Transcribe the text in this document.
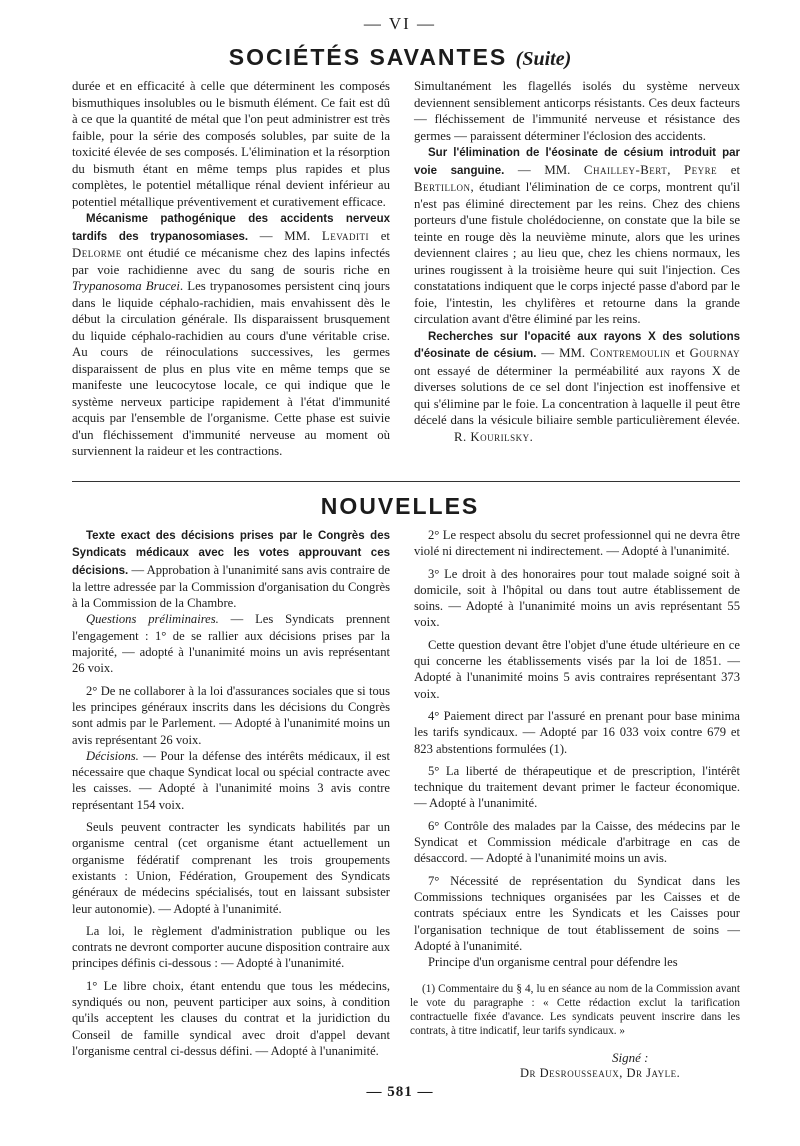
— VI —
SOCIÉTÉS SAVANTES (Suite)

durée et en efficacité à celle que déterminent les composés bismuthiques insolubles ou le bismuth élément. Ce fait est dû à ce que la quantité de métal que l'on peut administrer est très faible, pour la série des composés solubles, par suite de la toxicité élevée de ses composés. L'élimination et la résorption du bismuth étant en même temps plus rapides et plus complètes, le potentiel métallique rénal devient inférieur au potentiel métallique préventivement et curativement efficace.

Mécanisme pathogénique des accidents nerveux tardifs des trypanosomiases. — MM. Levaditi et Delorme ont étudié ce mécanisme chez des lapins infectés par voie rachidienne avec du sang de souris riche en Trypanosoma Brucei. Les trypanosomes persistent cinq jours dans le liquide céphalo-rachidien, mais envahissent dès le début la circulation générale. Ils disparaissent brusquement du liquide céphalo-rachidien au cours d'une véritable crise. Au cours de réinoculations successives, les germes disparaissent de plus en plus vite en même temps que se manifeste une leucocytose locale, ce qui indique que le système nerveux participe rapidement à l'état d'immunité acquis par l'ensemble de l'organisme. Cette phase est suivie d'un fléchissement d'immunité nerveuse au moment où surviennent la raideur et les contractions.

Simultanément les flagellés isolés du système nerveux deviennent sensiblement anticorps résistants. Ces deux facteurs — fléchissement de l'immunité nerveuse et résistance des germes — paraissent déterminer l'éclosion des accidents.

Sur l'élimination de l'éosinate de césium introduit par voie sanguine. — MM. Chailley-Bert, Peyre et Bertillon, étudiant l'élimination de ce corps, montrent qu'il n'est pas éliminé directement par les reins. Chez des chiens porteurs d'une fistule cholédocienne, on constate que la bile se teinte en rouge dès la neuvième minute, alors que les urines deviennent claires ; au lieu que, chez les chiens normaux, les urines rougissent à la troisième heure qui suit l'injection. Ces constatations indiquent que le corps injecté passe d'abord par le foie, l'intestin, les chylifères et retourne dans la grande circulation avant d'être éliminé par les reins.

Recherches sur l'opacité aux rayons X des solutions d'éosinate de césium. — MM. Contremoulin et Gournay ont essayé de déterminer la perméabilité aux rayons X de diverses solutions de ce sel dont l'injection est inoffensive et qui s'élimine par le foie. La concentration à laquelle il peut être décelé dans la vésicule biliaire semble particulièrement élevée. R. Kourilsky.

NOUVELLES

Texte exact des décisions prises par le Congrès des Syndicats médicaux avec les votes approuvant ces décisions. — Approbation à l'unanimité sans avis contraire de la lettre adressée par la Commission d'organisation du Congrès à la Commission de la Chambre.

Questions préliminaires. — Les Syndicats prennent l'engagement : 1° de se rallier aux décisions prises par la majorité, — adopté à l'unanimité moins un avis représentant 26 voix.

2° De ne collaborer à la loi d'assurances sociales que si tous les principes généraux inscrits dans les décisions du Congrès sont admis par le Parlement. — Adopté à l'unanimité moins un avis représentant 26 voix.

Décisions. — Pour la défense des intérêts médicaux, il est nécessaire que chaque Syndicat local ou spécial contracte avec les caisses. — Adopté à l'unanimité moins 3 avis contre représentant 154 voix.

Seuls peuvent contracter les syndicats habilités par un organisme central (cet organisme étant actuellement un organisme fédératif comprenant les trois groupements existants : Union, Fédération, Groupement des Syndicats généraux de médecins spécialisés, tout en laissant subsister leur autonomie). — Adopté à l'unanimité.

La loi, le règlement d'administration publique ou les contrats ne devront comporter aucune disposition contraire aux principes définis ci-dessous : — Adopté à l'unanimité.

1° Le libre choix, étant entendu que tous les médecins, syndiqués ou non, peuvent participer aux soins, à condition qu'ils acceptent les clauses du contrat et la juridiction du Conseil de famille syndical avec droit d'appel devant l'organisme central ci-dessus défini. — Adopté à l'unanimité.

2° Le respect absolu du secret professionnel qui ne devra être violé ni directement ni indirectement. — Adopté à l'unanimité.

3° Le droit à des honoraires pour tout malade soigné soit à domicile, soit à l'hôpital ou dans tout autre établissement de soins. — Adopté à l'unanimité moins un avis représentant 55 voix.

Cette question devant être l'objet d'une étude ultérieure en ce qui concerne les établissements visés par la loi de 1851. — Adopté à l'unanimité moins 5 avis contraires représentant 373 voix.

4° Paiement direct par l'assuré en prenant pour base minima les tarifs syndicaux. — Adopté par 16 033 voix contre 679 et 823 abstentions formulées (1).

5° La liberté de thérapeutique et de prescription, l'intérêt technique du traitement devant primer le facteur économique. — Adopté à l'unanimité.

6° Contrôle des malades par la Caisse, des médecins par le Syndicat et Commission médicale d'arbitrage en cas de désaccord. — Adopté à l'unanimité moins un avis.

7° Nécessité de représentation du Syndicat dans les Commissions techniques organisées par les Caisses et de contrats spéciaux entre les Syndicats et les Caisses pour l'organisation technique de tout établissement de soins — Adopté à l'unanimité.

Principe d'un organisme central pour défendre les

(1) Commentaire du § 4, lu en séance au nom de la Commission avant le vote du paragraphe : « Cette rédaction exclut la tarification contractuelle fixée d'avance. Les syndicats peuvent inscrire dans les contrats, à titre indicatif, leur tarifs syndicaux. »

Signé :
Dr Desrousseaux, Dr Jayle.
— 581 —
